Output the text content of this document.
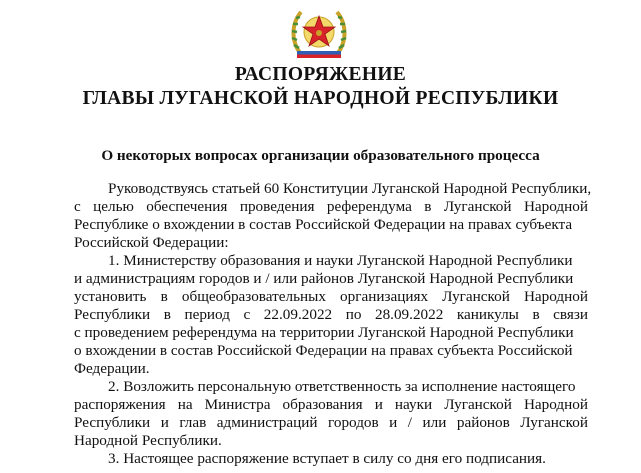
РАСПОРЯЖЕНИЕ

ГЛАВЫ ЛУГАНСКОЙ НАРОДНОЙ РЕСПУБЛИКИ

О некоторых вопросах организации образовательного процесса

Руководствуясь статьей 60 Конституции Луганской Народной Республики,

с целью обеспечения проведения референдума в Луганской Народной

Республике о вхождении в состав Российской Федерации на правах субъекта

Российской Федерации:

1. Министерству образования и науки Луганской Народной Республики

и администрациям городов и / или районов Луганской Народной Республики

установить в общеобразовательных организациях Луганской Народной

Республики в период с 22.09.2022 по 28.09.2022 каникулы в связи

с проведением референдума на территории Луганской Народной Республики

о вхождении в состав Российской Федерации на правах субъекта Российской

Федерации.

2. Возложить персональную ответственность за исполнение настоящего

распоряжения на Министра образования и науки Луганской Народной

Республики и глав администраций городов и / или районов Луганской

Народной Республики.

3. Настоящее распоряжение вступает в силу со дня его подписания.
